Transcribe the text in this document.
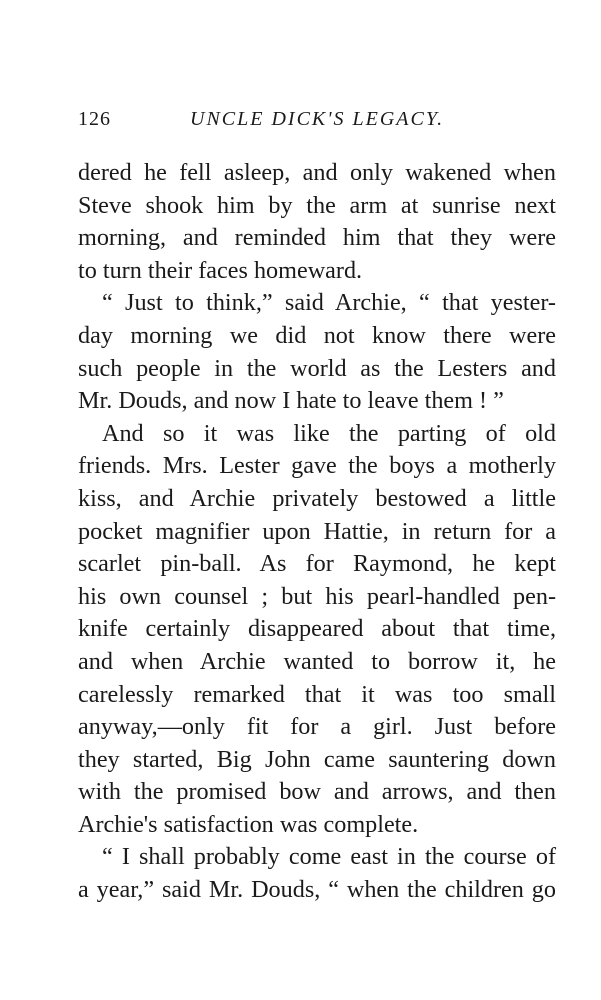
126	UNCLE DICK'S LEGACY.
dered he fell asleep, and only wakened when
Steve shook him by the arm at sunrise next
morning, and reminded him that they were
to turn their faces homeward.
“ Just to think,” said Archie, “ that yester-
day morning we did not know there were
such people in the world as the Lesters and
Mr. Douds, and now I hate to leave them ! ”
And so it was like the parting of old
friends. Mrs. Lester gave the boys a motherly
kiss, and Archie privately bestowed a little
pocket magnifier upon Hattie, in return for a
scarlet pin-ball. As for Raymond, he kept
his own counsel ; but his pearl-handled pen-
knife certainly disappeared about that time,
and when Archie wanted to borrow it, he
carelessly remarked that it was too small
anyway,—only fit for a girl. Just before
they started, Big John came sauntering down
with the promised bow and arrows, and then
Archie's satisfaction was complete.
“ I shall probably come east in the course of
a year,” said Mr. Douds, “ when the children go
